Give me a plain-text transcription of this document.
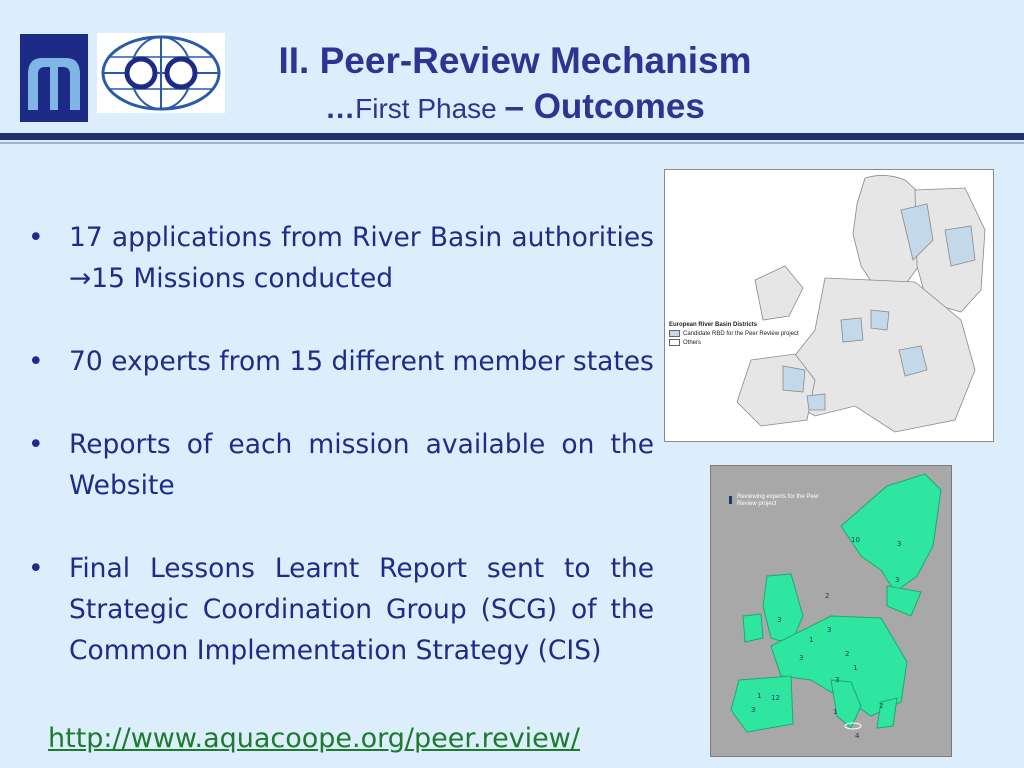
II. Peer-Review Mechanism
…First Phase – Outcomes
• 17 applications from River Basin authorities →15 Missions conducted
• 70 experts from 15 different member states
• Reports of each mission available on the Website
• Final Lessons Learnt Report sent to the Strategic Coordination Group (SCG) of the Common Implementation Strategy (CIS)
http://www.aquacoope.org/peer.review/
European River Basin Districts
Candidate RBD for the Peer Review project
Others
Reviewing experts for the Peer Review project
10	3
3
2
3
3
1
2
3
1
1
3
12
2
4
1
3
